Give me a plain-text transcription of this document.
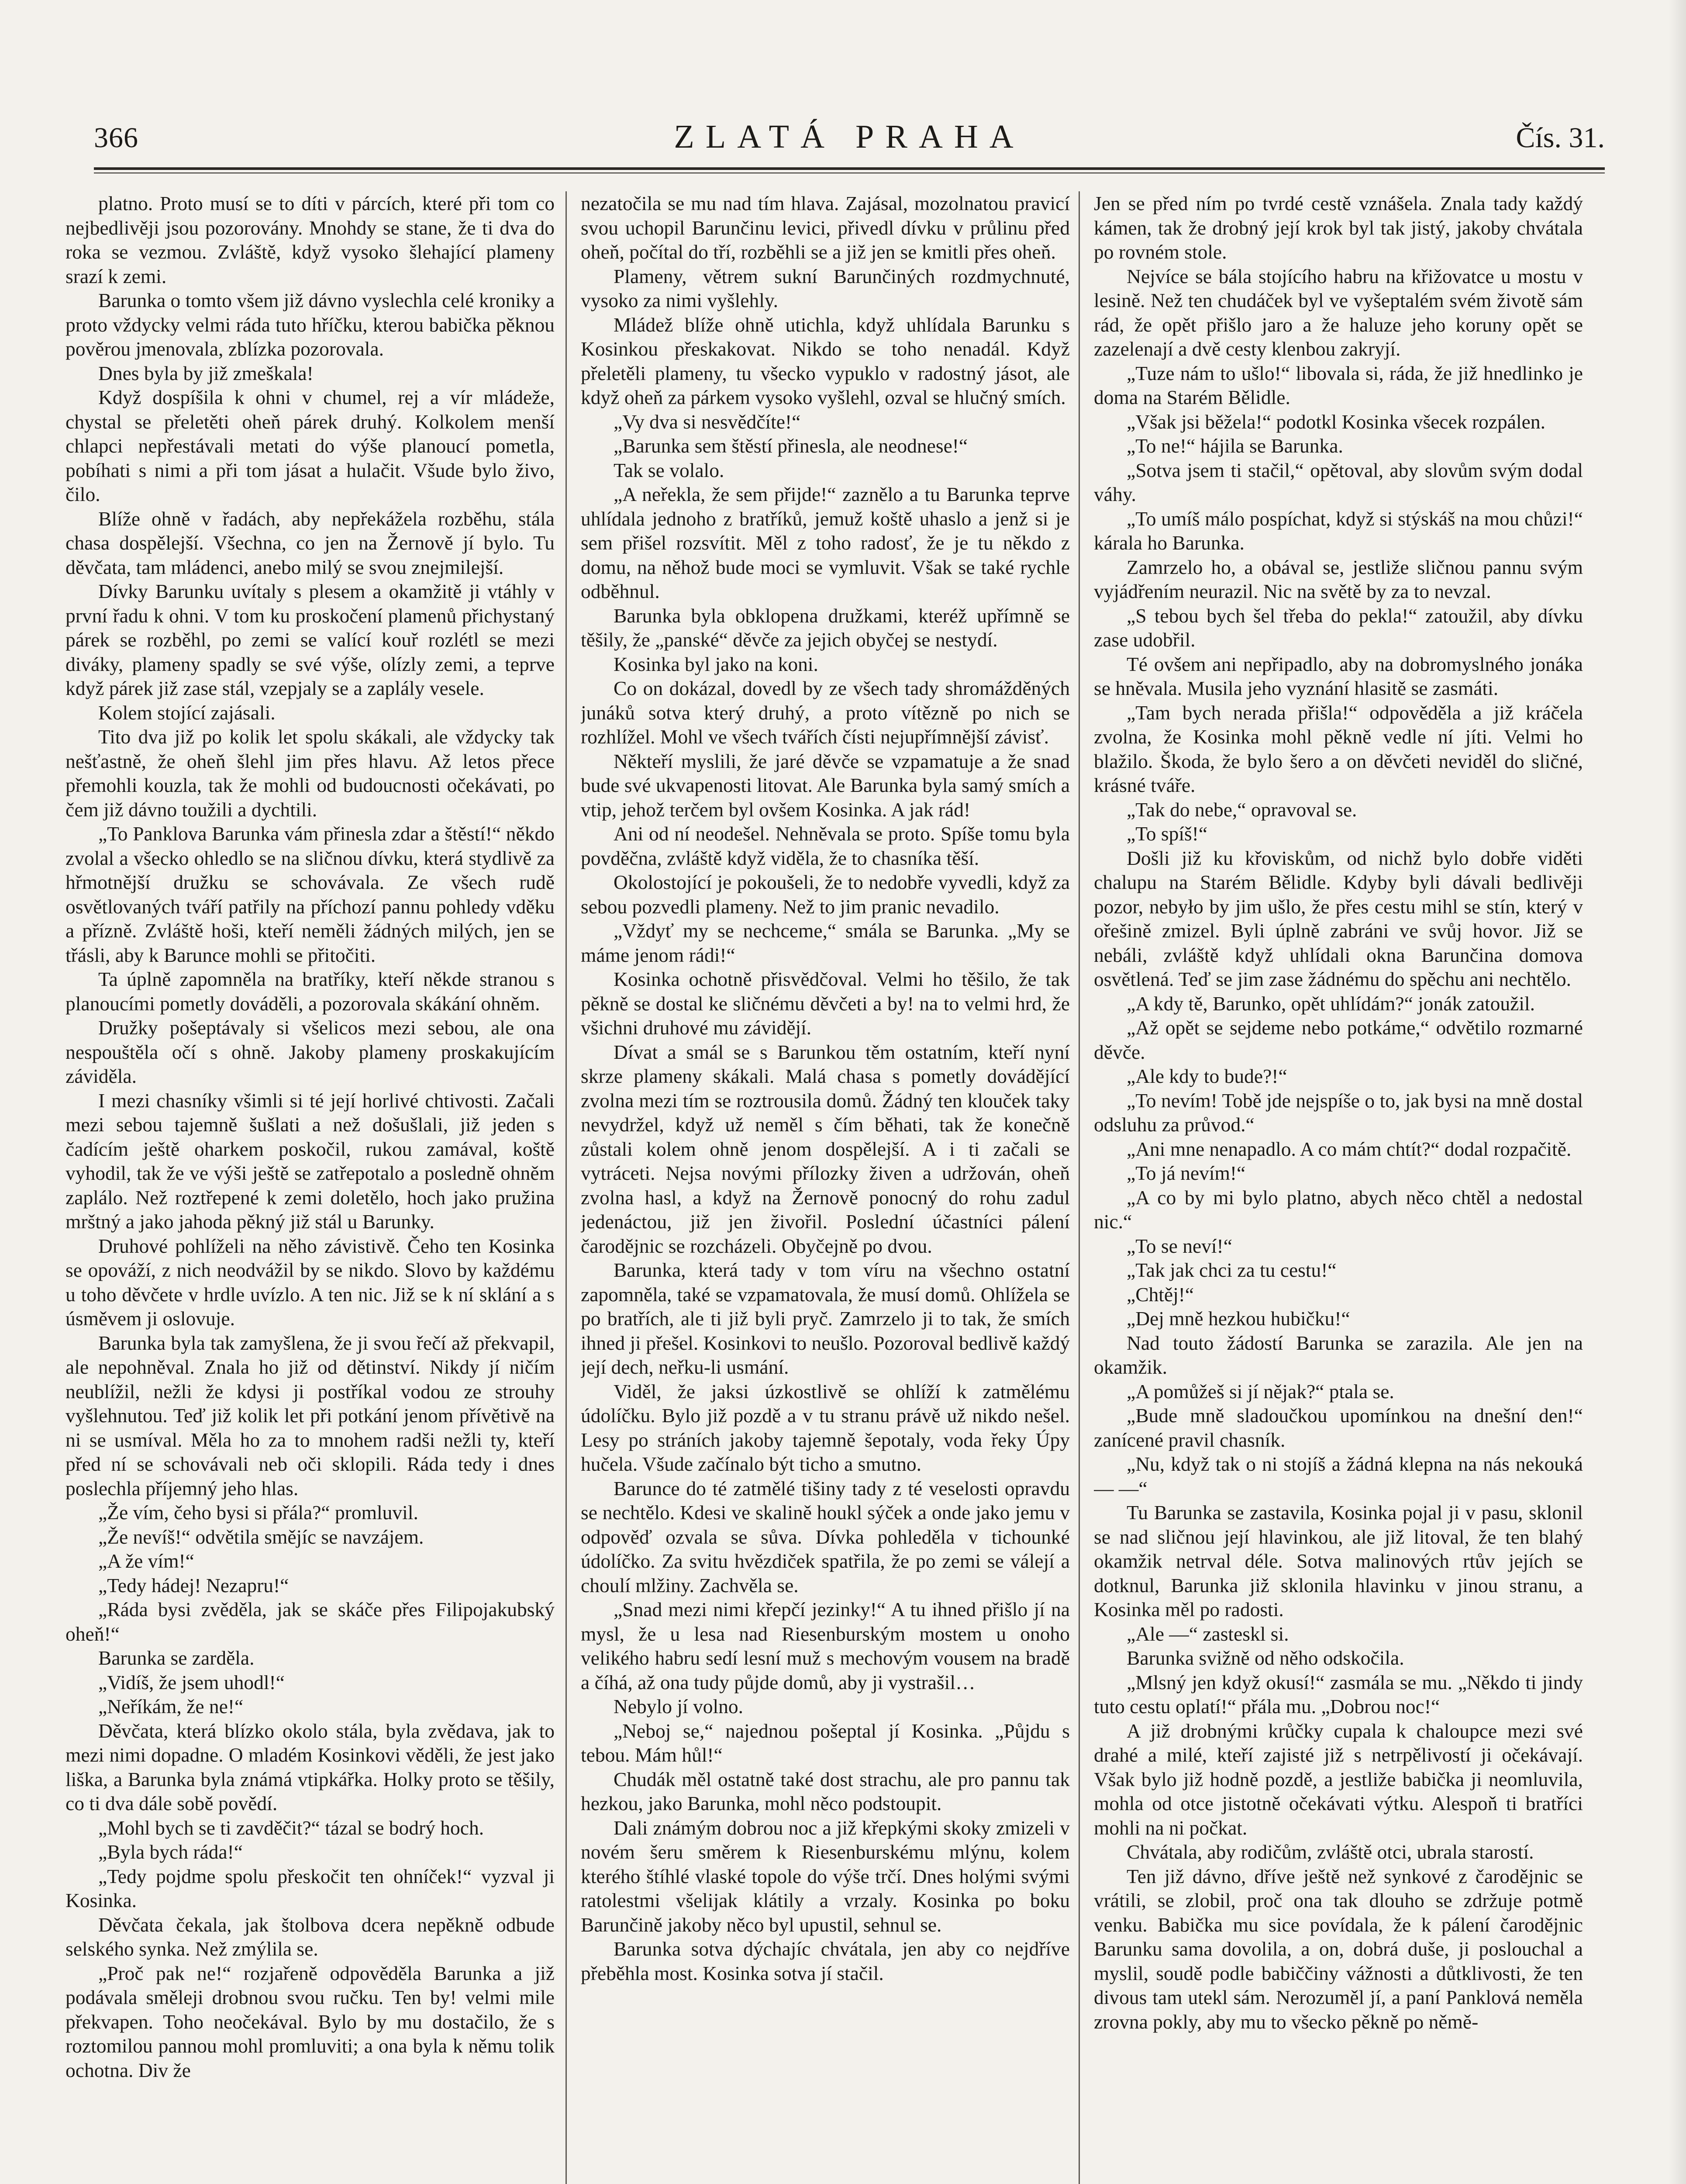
366	ZLATÁ PRAHA	Čís. 31.

platno. Proto musí se to díti v párcích, které při tom co nejbedlivěji jsou pozorovány. Mnohdy se stane, že ti dva do roka se vezmou. Zvláště, když vysoko šlehající plameny srazí k zemi.

Barunka o tomto všem již dávno vyslechla celé kroniky a proto vždycky velmi ráda tuto hříčku, kterou babička pěknou pověrou jmenovala, zblízka pozorovala.

Dnes byla by již zmeškala!

Když dospíšila k ohni v chumel, rej a vír mládeže, chystal se přeletěti oheň párek druhý. Kolkolem menší chlapci nepřestávali metati do výše planoucí pometla, pobíhati s nimi a při tom jásat a hulačit. Všude bylo živo, čilo.

Blíže ohně v řadách, aby nepřekážela rozběhu, stála chasa dospělejší. Všechna, co jen na Žernově jí bylo. Tu děvčata, tam mládenci, anebo milý se svou znejmilejší.

Dívky Barunku uvítaly s plesem a okamžitě ji vtáhly v první řadu k ohni. V tom ku proskočení plamenů přichystaný párek se rozběhl, po zemi se valící kouř rozlétl se mezi diváky, plameny spadly se své výše, olízly zemi, a teprve když párek již zase stál, vzepjaly se a zaplály vesele.

Kolem stojící zajásali.

Tito dva již po kolik let spolu skákali, ale vždycky tak nešťastně, že oheň šlehl jim přes hlavu. Až letos přece přemohli kouzla, tak že mohli od budoucnosti očekávati, po čem již dávno toužili a dychtili.

„To Panklova Barunka vám přinesla zdar a štěstí!“ někdo zvolal a všecko ohledlo se na sličnou dívku, která stydlivě za hřmotnější družku se schovávala. Ze všech rudě osvětlovaných tváří patřily na příchozí pannu pohledy vděku a přízně. Zvláště hoši, kteří neměli žádných milých, jen se třásli, aby k Barunce mohli se přitočiti.

Ta úplně zapomněla na bratříky, kteří někde stranou s planoucími pometly dováděli, a pozorovala skákání ohněm.

Družky pošeptávaly si všelicos mezi sebou, ale ona nespouštěla očí s ohně. Jakoby plameny proskakujícím záviděla.

I mezi chasníky všimli si té její horlivé chtivosti. Začali mezi sebou tajemně šušlati a než došušlali, již jeden s čadícím ještě oharkem poskočil, rukou zamával, koště vyhodil, tak že ve výši ještě se zatřepotalo a posledně ohněm zaplálo. Než roztřepené k zemi doletělo, hoch jako pružina mrštný a jako jahoda pěkný již stál u Barunky.

Druhové pohlíželi na něho závistivě. Čeho ten Kosinka se opováží, z nich neodvážil by se nikdo. Slovo by každému u toho děvčete v hrdle uvízlo. A ten nic. Již se k ní sklání a s úsměvem ji oslovuje.

Barunka byla tak zamyšlena, že ji svou řečí až překvapil, ale nepohněval. Znala ho již od dětinství. Nikdy jí ničím neublížil, nežli že kdysi ji postříkal vodou ze strouhy vyšlehnutou. Teď již kolik let při potkání jenom přívětivě na ni se usmíval. Měla ho za to mnohem radši nežli ty, kteří před ní se schovávali neb oči sklopili. Ráda tedy i dnes poslechla příjemný jeho hlas.

„Že vím, čeho bysi si přála?“ promluvil.

„Že nevíš!“ odvětila smějíc se navzájem.

„A že vím!“

„Tedy hádej! Nezapru!“

„Ráda bysi zvěděla, jak se skáče přes Filipojakubský oheň!“

Barunka se zarděla.

„Vidíš, že jsem uhodl!“

„Neříkám, že ne!“

Děvčata, která blízko okolo stála, byla zvědava, jak to mezi nimi dopadne. O mladém Kosinkovi věděli, že jest jako liška, a Barunka byla známá vtipkářka. Holky proto se těšily, co ti dva dále sobě povědí.

„Mohl bych se ti zavděčit?“ tázal se bodrý hoch.

„Byla bych ráda!“

„Tedy pojdme spolu přeskočit ten ohníček!“ vyzval ji Kosinka.

Děvčata čekala, jak štolbova dcera nepěkně odbude selského synka. Než zmýlila se.

„Proč pak ne!“ rozjařeně odpověděla Barunka a již podávala směleji drobnou svou ručku. Ten by! velmi mile překvapen. Toho neočekával. Bylo by mu dostačilo, že s roztomilou pannou mohl promluviti; a ona byla k němu tolik ochotna. Div že

nezatočila se mu nad tím hlava. Zajásal, mozolnatou pravicí svou uchopil Barunčinu levici, přivedl dívku v průlinu před oheň, počítal do tří, rozběhli se a již jen se kmitli přes oheň.

Plameny, větrem sukní Barunčiných rozdmychnuté, vysoko za nimi vyšlehly.

Mládež blíže ohně utichla, když uhlídala Barunku s Kosinkou přeskakovat. Nikdo se toho nenadál. Když přeletěli plameny, tu všecko vypuklo v radostný jásot, ale když oheň za párkem vysoko vyšlehl, ozval se hlučný smích.

„Vy dva si nesvědčíte!“

„Barunka sem štěstí přinesla, ale neodnese!“

Tak se volalo.

„A neřekla, že sem přijde!“ zaznělo a tu Barunka teprve uhlídala jednoho z bratříků, jemuž koště uhaslo a jenž si je sem přišel rozsvítit. Měl z toho radosť, že je tu někdo z domu, na něhož bude moci se vymluvit. Však se také rychle odběhnul.

Barunka byla obklopena družkami, kteréž upřímně se těšily, že „panské“ děvče za jejich obyčej se nestydí.

Kosinka byl jako na koni.

Co on dokázal, dovedl by ze všech tady shromážděných junáků sotva který druhý, a proto vítězně po nich se rozhlížel. Mohl ve všech tvářích čísti nejupřímnější závisť.

Někteří myslili, že jaré děvče se vzpamatuje a že snad bude své ukvapenosti litovat. Ale Barunka byla samý smích a vtip, jehož terčem byl ovšem Kosinka. A jak rád!

Ani od ní neodešel. Nehněvala se proto. Spíše tomu byla povděčna, zvláště když viděla, že to chasníka těší.

Okolostojící je pokoušeli, že to nedobře vyvedli, když za sebou pozvedli plameny. Než to jim pranic nevadilo.

„Vždyť my se nechceme,“ smála se Barunka. „My se máme jenom rádi!“

Kosinka ochotně přisvědčoval. Velmi ho těšilo, že tak pěkně se dostal ke sličnému děvčeti a by! na to velmi hrd, že všichni druhové mu závidějí.

Dívat a smál se s Barunkou těm ostatním, kteří nyní skrze plameny skákali. Malá chasa s pometly dovádějící zvolna mezi tím se roztrousila domů. Žádný ten klouček taky nevydržel, když už neměl s čím běhati, tak že konečně zůstali kolem ohně jenom dospělejší. A i ti začali se vytráceti. Nejsa novými přílozky živen a udržován, oheň zvolna hasl, a když na Žernově ponocný do rohu zadul jedenáctou, již jen živořil. Poslední účastníci pálení čarodějnic se rozcházeli. Obyčejně po dvou.

Barunka, která tady v tom víru na všechno ostatní zapomněla, také se vzpamatovala, že musí domů. Ohlížela se po bratřích, ale ti již byli pryč. Zamrzelo ji to tak, že smích ihned ji přešel. Kosinkovi to neušlo. Pozoroval bedlivě každý její dech, neřku-li usmání.

Viděl, že jaksi úzkostlivě se ohlíží k zatmělému údolíčku. Bylo již pozdě a v tu stranu právě už nikdo nešel. Lesy po stráních jakoby tajemně šepotaly, voda řeky Úpy hučela. Všude začínalo být ticho a smutno.

Barunce do té zatmělé tišiny tady z té veselosti opravdu se nechtělo. Kdesi ve skalině houkl sýček a onde jako jemu v odpověď ozvala se sůva. Dívka pohleděla v tichounké údolíčko. Za svitu hvězdiček spatřila, že po zemi se válejí a choulí mlžiny. Zachvěla se.

„Snad mezi nimi křepčí jezinky!“ A tu ihned přišlo jí na mysl, že u lesa nad Riesenburským mostem u onoho velikého habru sedí lesní muž s mechovým vousem na bradě a číhá, až ona tudy půjde domů, aby ji vystrašil…

Nebylo jí volno.

„Neboj se,“ najednou pošeptal jí Kosinka. „Půjdu s tebou. Mám hůl!“

Chudák měl ostatně také dost strachu, ale pro pannu tak hezkou, jako Barunka, mohl něco podstoupit.

Dali známým dobrou noc a již křepkými skoky zmizeli v novém šeru směrem k Riesenburskému mlýnu, kolem kterého štíhlé vlaské topole do výše trčí. Dnes holými svými ratolestmi všelijak klátily a vrzaly. Kosinka po boku Barunčině jakoby něco byl upustil, sehnul se.

Barunka sotva dýchajíc chvátala, jen aby co nejdříve přeběhla most. Kosinka sotva jí stačil.

Jen se před ním po tvrdé cestě vznášela. Znala tady každý kámen, tak že drobný její krok byl tak jistý, jakoby chvátala po rovném stole.

Nejvíce se bála stojícího habru na křižovatce u mostu v lesině. Než ten chudáček byl ve vyšeptalém svém životě sám rád, že opět přišlo jaro a že haluze jeho koruny opět se zazelenají a dvě cesty klenbou zakryjí.

„Tuze nám to ušlo!“ libovala si, ráda, že již hnedlinko je doma na Starém Bělidle.

„Však jsi běžela!“ podotkl Kosinka všecek rozpálen.

„To ne!“ hájila se Barunka.

„Sotva jsem ti stačil,“ opětoval, aby slovům svým dodal váhy.

„To umíš málo pospíchat, když si stýskáš na mou chůzi!“ kárala ho Barunka.

Zamrzelo ho, a obával se, jestliže sličnou pannu svým vyjádřením neurazil. Nic na světě by za to nevzal.

„S tebou bych šel třeba do pekla!“ zatoužil, aby dívku zase udobřil.

Té ovšem ani nepřipadlo, aby na dobromyslného jonáka se hněvala. Musila jeho vyznání hlasitě se zasmáti.

„Tam bych nerada přišla!“ odpověděla a již kráčela zvolna, že Kosinka mohl pěkně vedle ní jíti. Velmi ho blažilo. Škoda, že bylo šero a on děvčeti neviděl do sličné, krásné tváře.

„Tak do nebe,“ opravoval se.

„To spíš!“

Došli již ku křoviskům, od nichž bylo dobře viděti chalupu na Starém Bělidle. Kdyby byli dávali bedlivěji pozor, nebyło by jim ušlo, že přes cestu mihl se stín, který v ořešině zmizel. Byli úplně zabráni ve svůj hovor. Již se nebáli, zvláště když uhlídali okna Barunčina domova osvětlená. Teď se jim zase žádnému do spěchu ani nechtělo.

„A kdy tě, Barunko, opět uhlídám?“ jonák zatoužil.

„Až opět se sejdeme nebo potkáme,“ odvětilo rozmarné děvče.

„Ale kdy to bude?!“

„To nevím! Tobě jde nejspíše o to, jak bysi na mně dostal odsluhu za průvod.“

„Ani mne nenapadlo. A co mám chtít?“ dodal rozpačitě.

„To já nevím!“

„A co by mi bylo platno, abych něco chtěl a nedostal nic.“

„To se neví!“

„Tak jak chci za tu cestu!“

„Chtěj!“

„Dej mně hezkou hubičku!“

Nad touto žádostí Barunka se zarazila. Ale jen na okamžik.

„A pomůžeš si jí nějak?“ ptala se.

„Bude mně sladoučkou upomínkou na dnešní den!“ zanícené pravil chasník.

„Nu, když tak o ni stojíš a žádná klepna na nás nekouká — —“

Tu Barunka se zastavila, Kosinka pojal ji v pasu, sklonil se nad sličnou její hlavinkou, ale již litoval, že ten blahý okamžik netrval déle. Sotva malinových rtův jejích se dotknul, Barunka již sklonila hlavinku v jinou stranu, a Kosinka měl po radosti.

„Ale —“ zasteskl si.

Barunka svižně od něho odskočila.

„Mlsný jen když okusí!“ zasmála se mu. „Někdo ti jindy tuto cestu oplatí!“ přála mu. „Dobrou noc!“

A již drobnými krůčky cupala k chaloupce mezi své drahé a milé, kteří zajisté již s netrpělivostí ji očekávají. Však bylo již hodně pozdě, a jestliže babička ji neomluvila, mohla od otce jistotně očekávati výtku. Alespoň ti bratříci mohli na ni počkat.

Chvátala, aby rodičům, zvláště otci, ubrala starostí.

Ten již dávno, dříve ještě než synkové z čarodějnic se vrátili, se zlobil, proč ona tak dlouho se zdržuje potmě venku. Babička mu sice povídala, že k pálení čarodějnic Barunku sama dovolila, a on, dobrá duše, ji poslouchal a myslil, soudě podle babiččiny vážnosti a důtklivosti, že ten divous tam utekl sám. Nerozuměl jí, a paní Panklová neměla zrovna pokly, aby mu to všecko pěkně po němě-
